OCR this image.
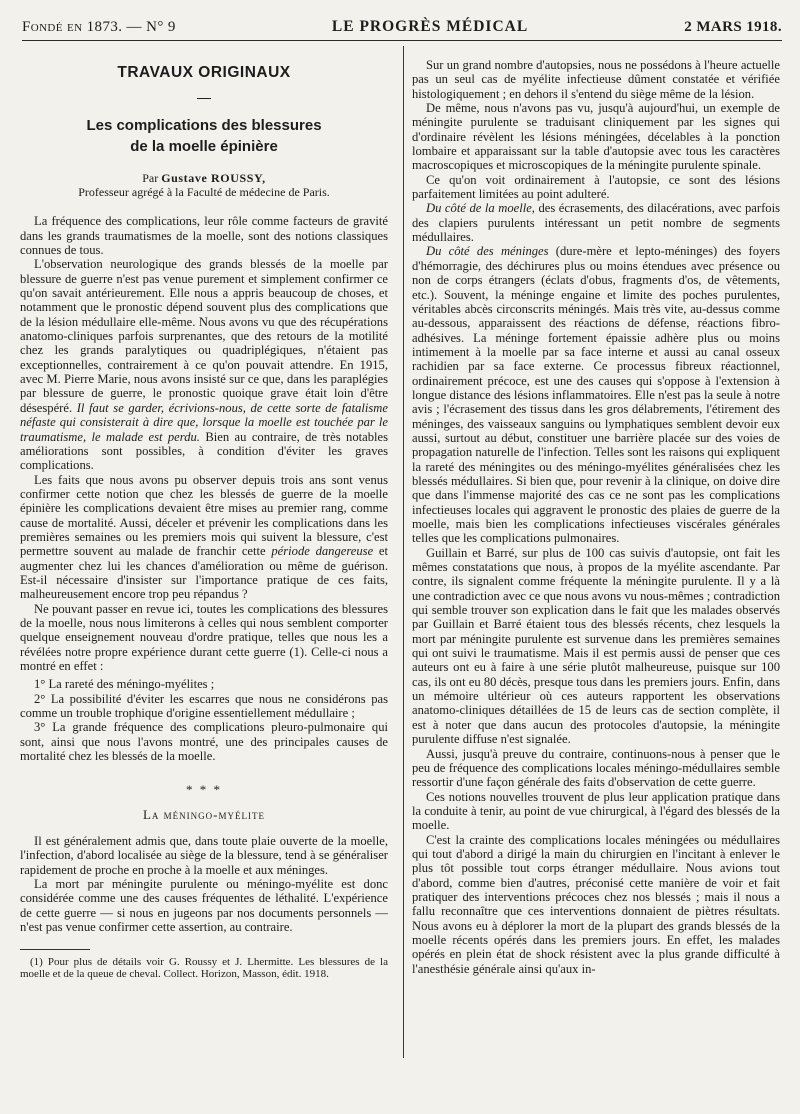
Fondé en 1873. — N° 9	LE PROGRÈS MÉDICAL	2 MARS 1918.
TRAVAUX ORIGINAUX
Les complications des blessures
de la moelle épinière
Par Gustave ROUSSY,
Professeur agrégé à la Faculté de médecine de Paris.

La fréquence des complications, leur rôle comme facteurs de gravité dans les grands traumatismes de la moelle, sont des notions classiques connues de tous.

L'observation neurologique des grands blessés de la moelle par blessure de guerre n'est pas venue purement et simplement confirmer ce qu'on savait antérieurement. Elle nous a appris beaucoup de choses, et notamment que le pronostic dépend souvent plus des complications que de la lésion médullaire elle-même. Nous avons vu que des récupérations anatomo-cliniques parfois surprenantes, que des retours de la motilité chez les grands paralytiques ou quadriplégiques, n'étaient pas exceptionnelles, contrairement à ce qu'on pouvait attendre. En 1915, avec M. Pierre Marie, nous avons insisté sur ce que, dans les paraplégies par blessure de guerre, le pronostic quoique grave était loin d'être désespéré. Il faut se garder, écrivions-nous, de cette sorte de fatalisme néfaste qui consisterait à dire que, lorsque la moelle est touchée par le traumatisme, le malade est perdu. Bien au contraire, de très notables améliorations sont possibles, à condition d'éviter les graves complications.

Les faits que nous avons pu observer depuis trois ans sont venus confirmer cette notion que chez les blessés de guerre de la moelle épinière les complications devaient être mises au premier rang, comme cause de mortalité. Aussi, déceler et prévenir les complications dans les premières semaines ou les premiers mois qui suivent la blessure, c'est permettre souvent au malade de franchir cette période dangereuse et augmenter chez lui les chances d'amélioration ou même de guérison. Est-il nécessaire d'insister sur l'importance pratique de ces faits, malheureusement encore trop peu répandus ?

Ne pouvant passer en revue ici, toutes les complications des blessures de la moelle, nous nous limiterons à celles qui nous semblent comporter quelque enseignement nouveau d'ordre pratique, telles que nous les a révélées notre propre expérience durant cette guerre (1). Celle-ci nous a montré en effet :

1° La rareté des méningo-myélites ;

2° La possibilité d'éviter les escarres que nous ne considérons pas comme un trouble trophique d'origine essentiellement médullaire ;

3° La grande fréquence des complications pleuro-pulmonaire qui sont, ainsi que nous l'avons montré, une des principales causes de mortalité chez les blessés de la moelle.

* * *
La méningo-myélite

Il est généralement admis que, dans toute plaie ouverte de la moelle, l'infection, d'abord localisée au siège de la blessure, tend à se généraliser rapidement de proche en proche à la moelle et aux méninges.

La mort par méningite purulente ou méningo-myélite est donc considérée comme une des causes fréquentes de léthalité. L'expérience de cette guerre — si nous en jugeons par nos documents personnels — n'est pas venue confirmer cette assertion, au contraire.

(1) Pour plus de détails voir G. Roussy et J. Lhermitte. Les blessures de la moelle et de la queue de cheval. Collect. Horizon, Masson, édit. 1918.

Sur un grand nombre d'autopsies, nous ne possédons à l'heure actuelle pas un seul cas de myélite infectieuse dûment constatée et vérifiée histologiquement ; en dehors il s'entend du siège même de la lésion.

De même, nous n'avons pas vu, jusqu'à aujourd'hui, un exemple de méningite purulente se traduisant cliniquement par les signes qui d'ordinaire révèlent les lésions méningées, décelables à la ponction lombaire et apparaissant sur la table d'autopsie avec tous les caractères macroscopiques et microscopiques de la méningite purulente spinale.

Ce qu'on voit ordinairement à l'autopsie, ce sont des lésions parfaitement limitées au point adulteré.

Du côté de la moelle, des écrasements, des dilacérations, avec parfois des clapiers purulents intéressant un petit nombre de segments médullaires.

Du côté des méninges (dure-mère et lepto-méninges) des foyers d'hémorragie, des déchirures plus ou moins étendues avec présence ou non de corps étrangers (éclats d'obus, fragments d'os, de vêtements, etc.). Souvent, la méninge engaine et limite des poches purulentes, véritables abcès circonscrits méningés. Mais très vite, au-dessus comme au-dessous, apparaissent des réactions de défense, réactions fibro-adhésives. La méninge fortement épaissie adhère plus ou moins intimement à la moelle par sa face interne et aussi au canal osseux rachidien par sa face externe. Ce processus fibreux réactionnel, ordinairement précoce, est une des causes qui s'oppose à l'extension à longue distance des lésions inflammatoires. Elle n'est pas la seule à notre avis ; l'écrasement des tissus dans les gros délabrements, l'étirement des méninges, des vaisseaux sanguins ou lymphatiques semblent devoir eux aussi, surtout au début, constituer une barrière placée sur des voies de propagation naturelle de l'infection. Telles sont les raisons qui expliquent la rareté des méningites ou des méningo-myélites généralisées chez les blessés médullaires. Si bien que, pour revenir à la clinique, on doive dire que dans l'immense majorité des cas ce ne sont pas les complications infectieuses locales qui aggravent le pronostic des plaies de guerre de la moelle, mais bien les complications infectieuses viscérales générales telles que les complications pulmonaires.

Guillain et Barré, sur plus de 100 cas suivis d'autopsie, ont fait les mêmes constatations que nous, à propos de la myélite ascendante. Par contre, ils signalent comme fréquente la méningite purulente. Il y a là une contradiction avec ce que nous avons vu nous-mêmes ; contradiction qui semble trouver son explication dans le fait que les malades observés par Guillain et Barré étaient tous des blessés récents, chez lesquels la mort par méningite purulente est survenue dans les premières semaines qui ont suivi le traumatisme. Mais il est permis aussi de penser que ces auteurs ont eu à faire à une série plutôt malheureuse, puisque sur 100 cas, ils ont eu 80 décès, presque tous dans les premiers jours. Enfin, dans un mémoire ultérieur où ces auteurs rapportent les observations anatomo-cliniques détaillées de 15 de leurs cas de section complète, il est à noter que dans aucun des protocoles d'autopsie, la méningite purulente diffuse n'est signalée.

Aussi, jusqu'à preuve du contraire, continuons-nous à penser que le peu de fréquence des complications locales méningo-médullaires semble ressortir d'une façon générale des faits d'observation de cette guerre.

Ces notions nouvelles trouvent de plus leur application pratique dans la conduite à tenir, au point de vue chirurgical, à l'égard des blessés de la moelle.

C'est la crainte des complications locales méningées ou médullaires qui tout d'abord a dirigé la main du chirurgien en l'incitant à enlever le plus tôt possible tout corps étranger médullaire. Nous avions tout d'abord, comme bien d'autres, préconisé cette manière de voir et fait pratiquer des interventions précoces chez nos blessés ; mais il nous a fallu reconnaître que ces interventions donnaient de piètres résultats. Nous avons eu à déplorer la mort de la plupart des grands blessés de la moelle récents opérés dans les premiers jours. En effet, les malades opérés en plein état de shock résistent avec la plus grande difficulté à l'anesthésie générale ainsi qu'aux in-
